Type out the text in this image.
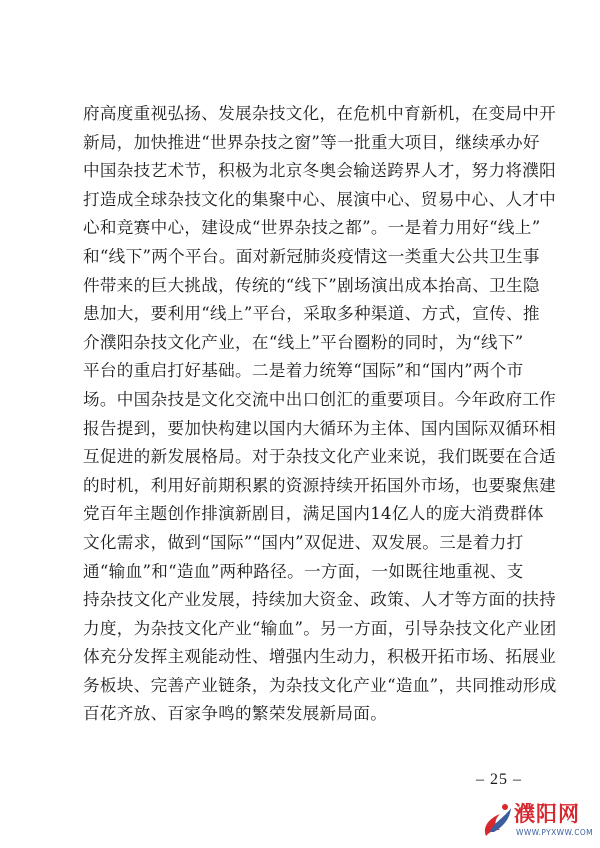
府高度重视弘扬、发展杂技文化，在危机中育新机，在变局中开
新局，加快推进“世界杂技之窗”等一批重大项目，继续承办好
中国杂技艺术节，积极为北京冬奥会输送跨界人才，努力将濮阳
打造成全球杂技文化的集聚中心、展演中心、贸易中心、人才中
心和竞赛中心，建设成“世界杂技之都”。一是着力用好“线上”
和“线下”两个平台。面对新冠肺炎疫情这一类重大公共卫生事
件带来的巨大挑战，传统的“线下”剧场演出成本抬高、卫生隐
患加大，要利用“线上”平台，采取多种渠道、方式，宣传、推
介濮阳杂技文化产业，在“线上”平台圈粉的同时，为“线下”
平台的重启打好基础。二是着力统筹“国际”和“国内”两个市
场。中国杂技是文化交流中出口创汇的重要项目。今年政府工作
报告提到，要加快构建以国内大循环为主体、国内国际双循环相
互促进的新发展格局。对于杂技文化产业来说，我们既要在合适
的时机，利用好前期积累的资源持续开拓国外市场，也要聚焦建
党百年主题创作排演新剧目，满足国内14亿人的庞大消费群体
文化需求，做到“国际”“国内”双促进、双发展。三是着力打
通“输血”和“造血”两种路径。一方面，一如既往地重视、支
持杂技文化产业发展，持续加大资金、政策、人才等方面的扶持
力度，为杂技文化产业“输血”。另一方面，引导杂技文化产业团
体充分发挥主观能动性、增强内生动力，积极开拓市场、拓展业
务板块、完善产业链条，为杂技文化产业“造血”，共同推动形成
百花齐放、百家争鸣的繁荣发展新局面。
– 25 –
濮阳网
WWW.PYXWW.COM
